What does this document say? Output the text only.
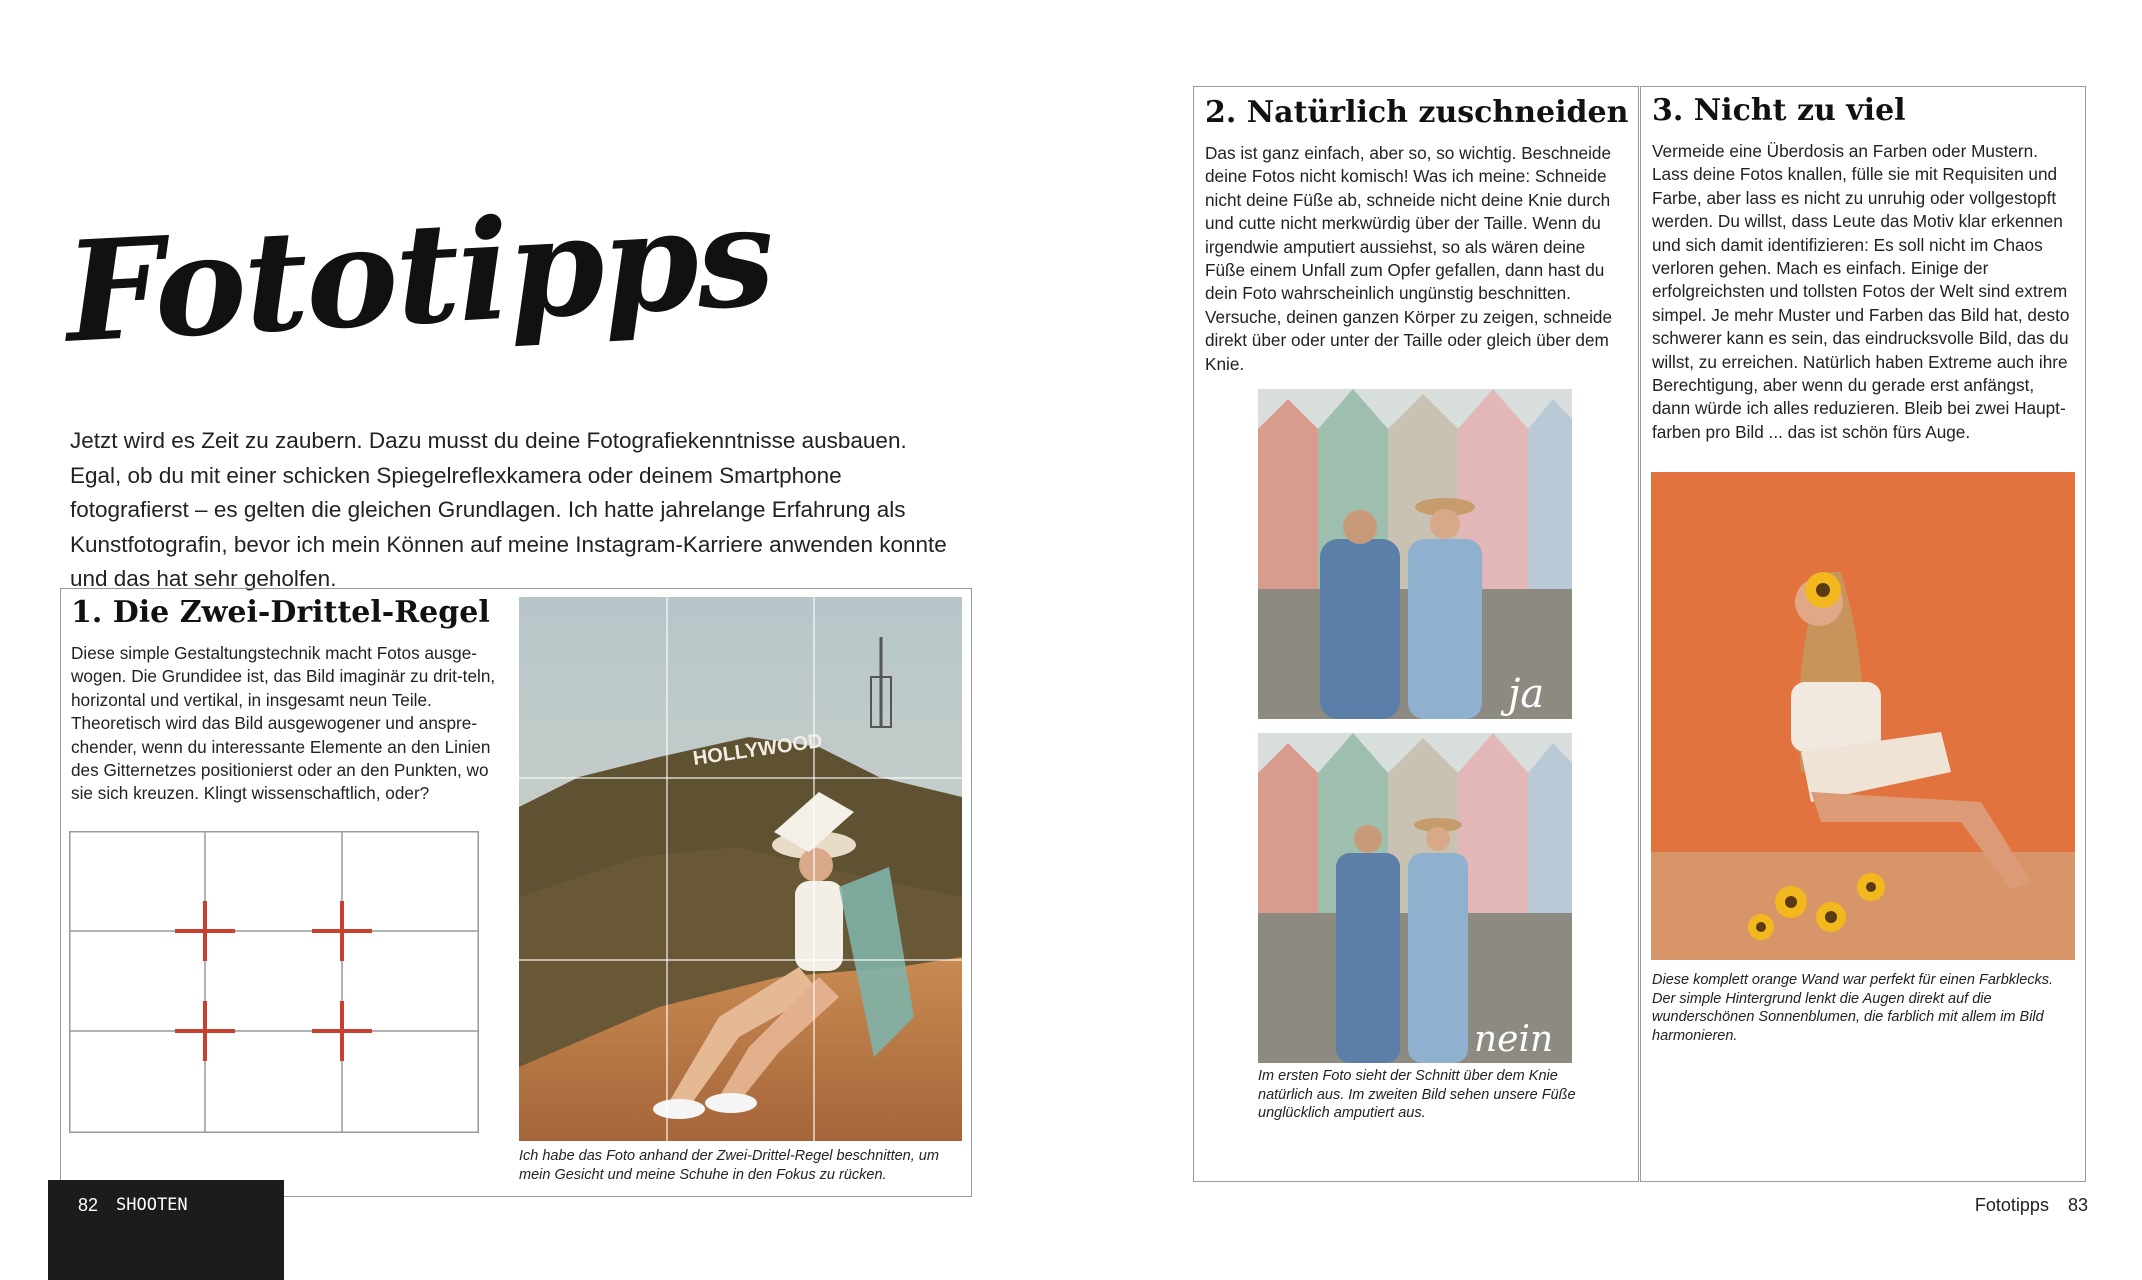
Fototipps
Jetzt wird es Zeit zu zaubern. Dazu musst du deine Fotografiekenntnisse ausbauen. Egal, ob du mit einer schicken Spiegelreflexkamera oder deinem Smartphone fotografierst – es gelten die gleichen Grundlagen. Ich hatte jahrelange Erfahrung als Kunstfotografin, bevor ich mein Können auf meine Instagram-Karriere anwenden konnte und das hat sehr geholfen.
1. Die Zwei-Drittel-Regel
Diese simple Gestaltungstechnik macht Fotos ausge-wogen. Die Grundidee ist, das Bild imaginär zu drit-teln, horizontal und vertikal, in insgesamt neun Teile. Theoretisch wird das Bild ausgewogener und anspre-chender, wenn du interessante Elemente an den Linien des Gitternetzes positionierst oder an den Punkten, wo sie sich kreuzen. Klingt wissenschaftlich, oder?
HOLLYWOOD
Ich habe das Foto anhand der Zwei-Drittel-Regel beschnitten, um mein Gesicht und meine Schuhe in den Fokus zu rücken.
82 SHOOTEN
2. Natürlich zuschneiden
Das ist ganz einfach, aber so, so wichtig. Beschneide deine Fotos nicht komisch! Was ich meine: Schneide nicht deine Füße ab, schneide nicht deine Knie durch und cutte nicht merkwürdig über der Taille. Wenn du irgendwie amputiert aussiehst, so als wären deine Füße einem Unfall zum Opfer gefallen, dann hast du dein Foto wahrscheinlich ungünstig beschnitten. Versuche, deinen ganzen Körper zu zeigen, schneide direkt über oder unter der Taille oder gleich über dem Knie.
ja
nein
Im ersten Foto sieht der Schnitt über dem Knie natürlich aus. Im zweiten Bild sehen unsere Füße unglücklich amputiert aus.
3. Nicht zu viel
Vermeide eine Überdosis an Farben oder Mustern. Lass deine Fotos knallen, fülle sie mit Requisiten und Farbe, aber lass es nicht zu unruhig oder vollgestopft werden. Du willst, dass Leute das Motiv klar erkennen und sich damit identifizieren: Es soll nicht im Chaos verloren gehen. Mach es einfach. Einige der erfolgreichsten und tollsten Fotos der Welt sind extrem simpel. Je mehr Muster und Farben das Bild hat, desto schwerer kann es sein, das eindrucksvolle Bild, das du willst, zu erreichen. Natürlich haben Extreme auch ihre Berechtigung, aber wenn du gerade erst anfängst, dann würde ich alles reduzieren. Bleib bei zwei Haupt-farben pro Bild ... das ist schön fürs Auge.
Diese komplett orange Wand war perfekt für einen Farbklecks. Der simple Hintergrund lenkt die Augen direkt auf die wunderschönen Sonnenblumen, die farblich mit allem im Bild harmonieren.
Fototipps 83
